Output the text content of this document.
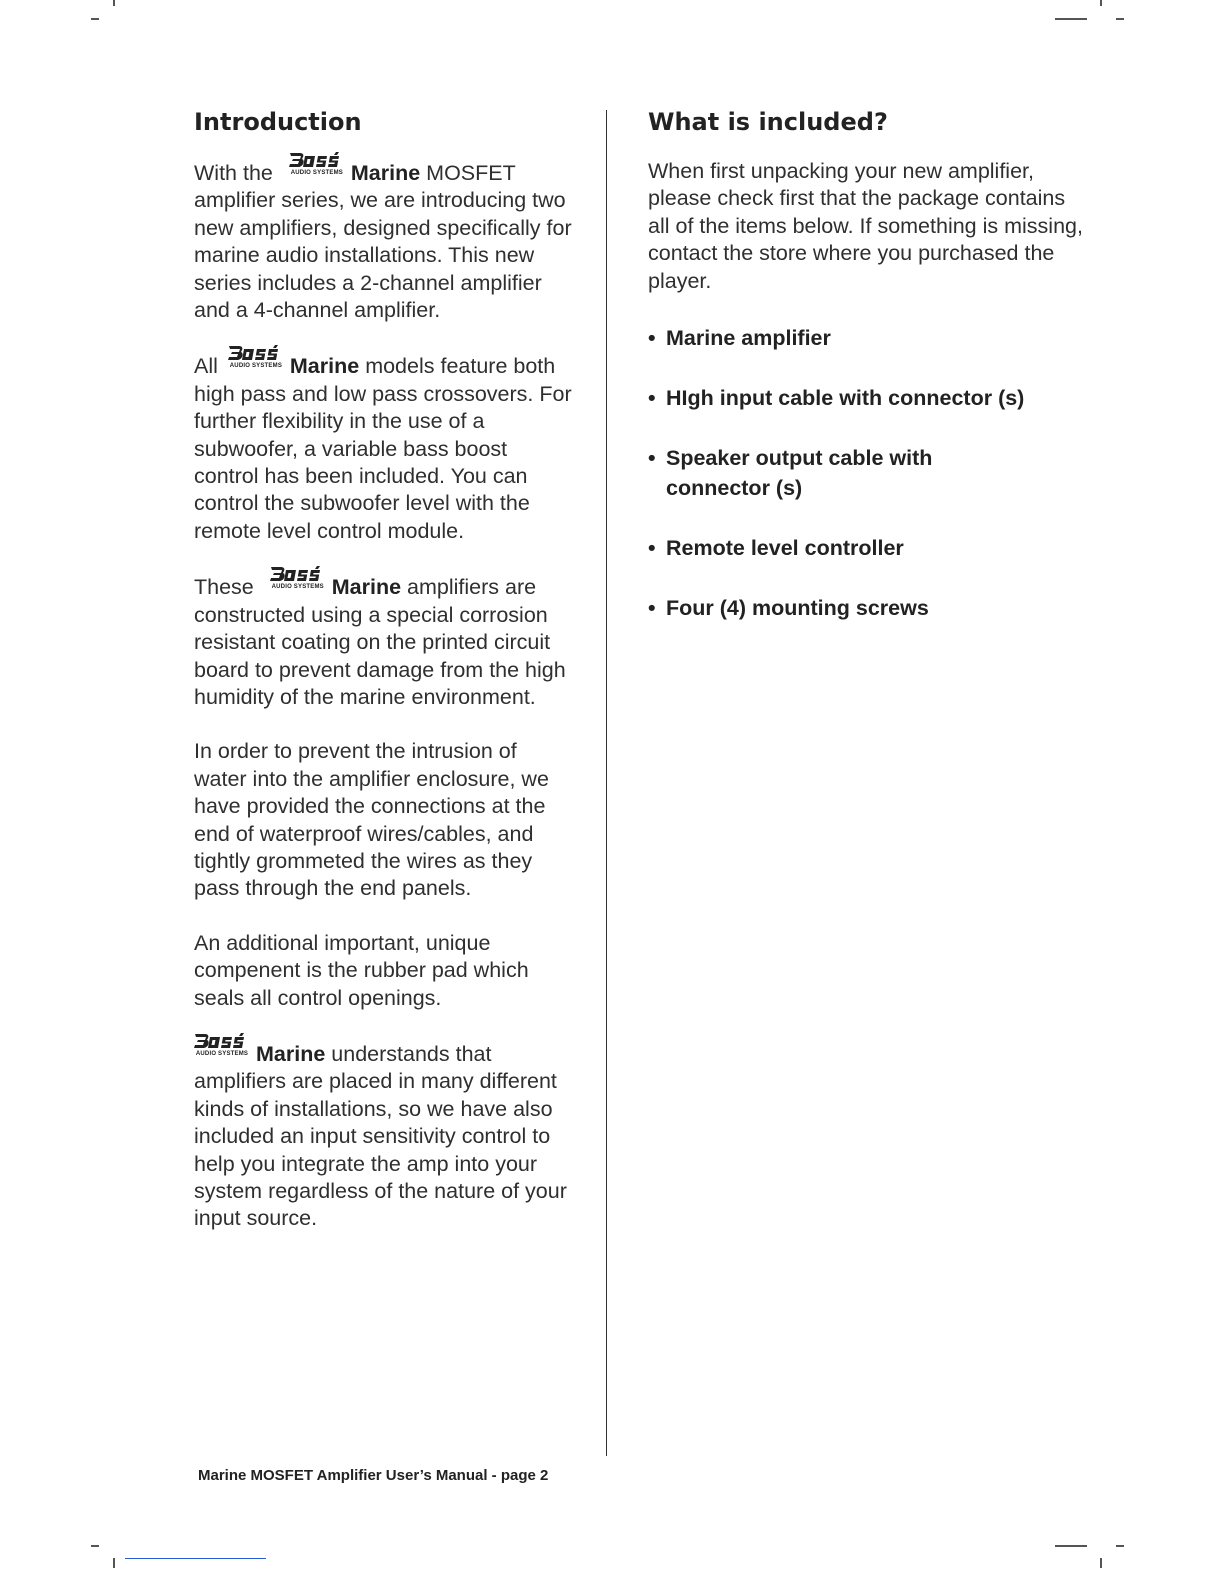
Introduction

With the	AUDIO SYSTEMS Marine MOSFET amplifier series, we are introducing two new amplifiers, designed specifically for marine audio installations. This new series includes a 2-channel amplifier and a 4-channel amplifier.

All	AUDIO SYSTEMS Marine models feature both high pass and low pass crossovers. For further flexibility in the use of a subwoofer, a variable bass boost control has been included. You can control the subwoofer level with the remote level control module.

These	AUDIO SYSTEMS Marine amplifiers are constructed using a special corrosion resistant coating on the printed circuit board to prevent damage from the high humidity of the marine environment.

In order to prevent the intrusion of water into the amplifier enclosure, we have provided the connections at the end of waterproof wires/cables, and tightly grommeted the wires as they pass through the end panels.

An additional important, unique compenent is the rubber pad which seals all control openings.

AUDIO SYSTEMS Marine understands that amplifiers are placed in many different kinds of installations, so we have also included an input sensitivity control to help you integrate the amp into your system regardless of the nature of your input source.

What is included?

When first unpacking your new amplifier, please check first that the package contains all of the items below. If something is missing, contact the store where you purchased the player.

• Marine amplifier
• HIgh input cable with connector (s)
• Speaker output cable with connector (s)
• Remote level controller
• Four (4) mounting screws
Marine MOSFET Amplifier User’s Manual - page 2
